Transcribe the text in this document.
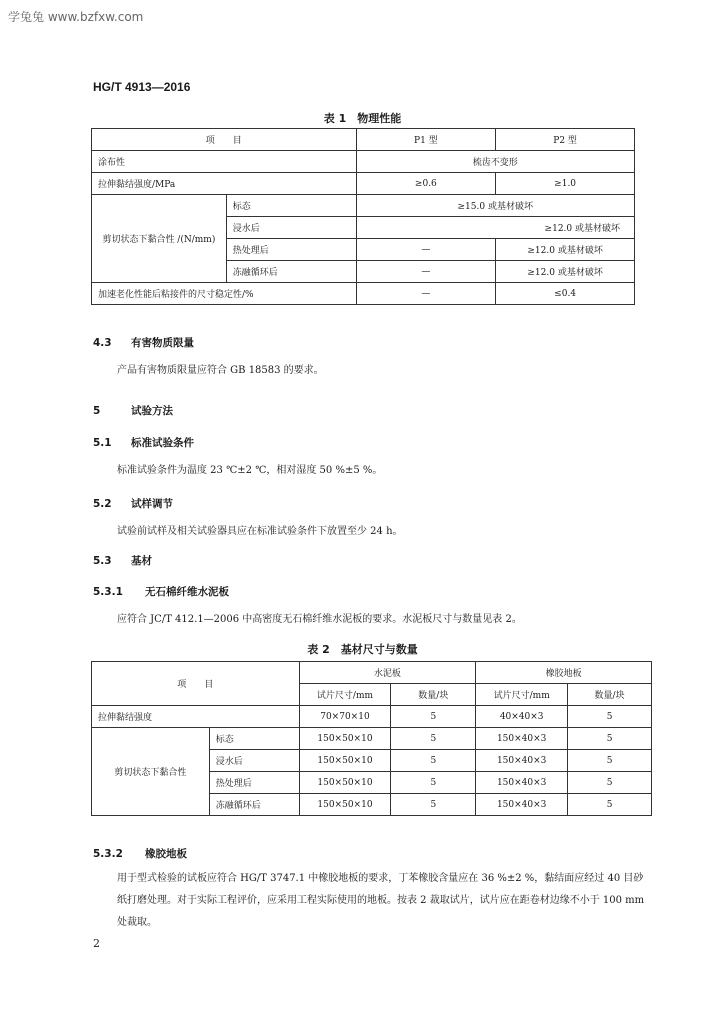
学兔兔 www.bzfxw.com
HG/T 4913—2016
表 1　物理性能
项　　目		P1 型	P2 型
涂布性		梳齿不变形	
拉伸黏结强度/MPa		≥0.6	≥1.0
剪切状态下黏合性 /(N/mm)	标态	≥15.0 或基材破坏	
	浸水后	≥12.0 或基材破坏	
	热处理后	—	≥12.0 或基材破坏
	冻融循环后	—	≥12.0 或基材破坏
加速老化性能后粘接件的尺寸稳定性/%		—	≤0.4
4.3 有害物质限量
产品有害物质限量应符合 GB 18583 的要求。
5	试验方法
5.1 标准试验条件
标准试验条件为温度 23 ℃±2 ℃，相对湿度 50 %±5 %。
5.2 试样调节
试验前试样及相关试验器具应在标准试验条件下放置至少 24 h。
5.3 基材
5.3.1 无石棉纤维水泥板
应符合 JC/T 412.1—2006 中高密度无石棉纤维水泥板的要求。水泥板尺寸与数量见表 2。
表 2　基材尺寸与数量
项　　目		水泥板		橡胶地板	
		试片尺寸/mm	数量/块	试片尺寸/mm	数量/块
拉伸黏结强度		70×70×10	5	40×40×3	5
剪切状态下黏合性	标态	150×50×10	5	150×40×3	5
	浸水后	150×50×10	5	150×40×3	5
	热处理后	150×50×10	5	150×40×3	5
	冻融循环后	150×50×10	5	150×40×3	5
5.3.2 橡胶地板
用于型式检验的试板应符合 HG/T 3747.1 中橡胶地板的要求，丁苯橡胶含量应在 36 %±2 %，黏结面应经过 40 目砂纸打磨处理。对于实际工程评价，应采用工程实际使用的地板。按表 2 裁取试片，试片应在距卷材边缘不小于 100 mm 处裁取。
2
